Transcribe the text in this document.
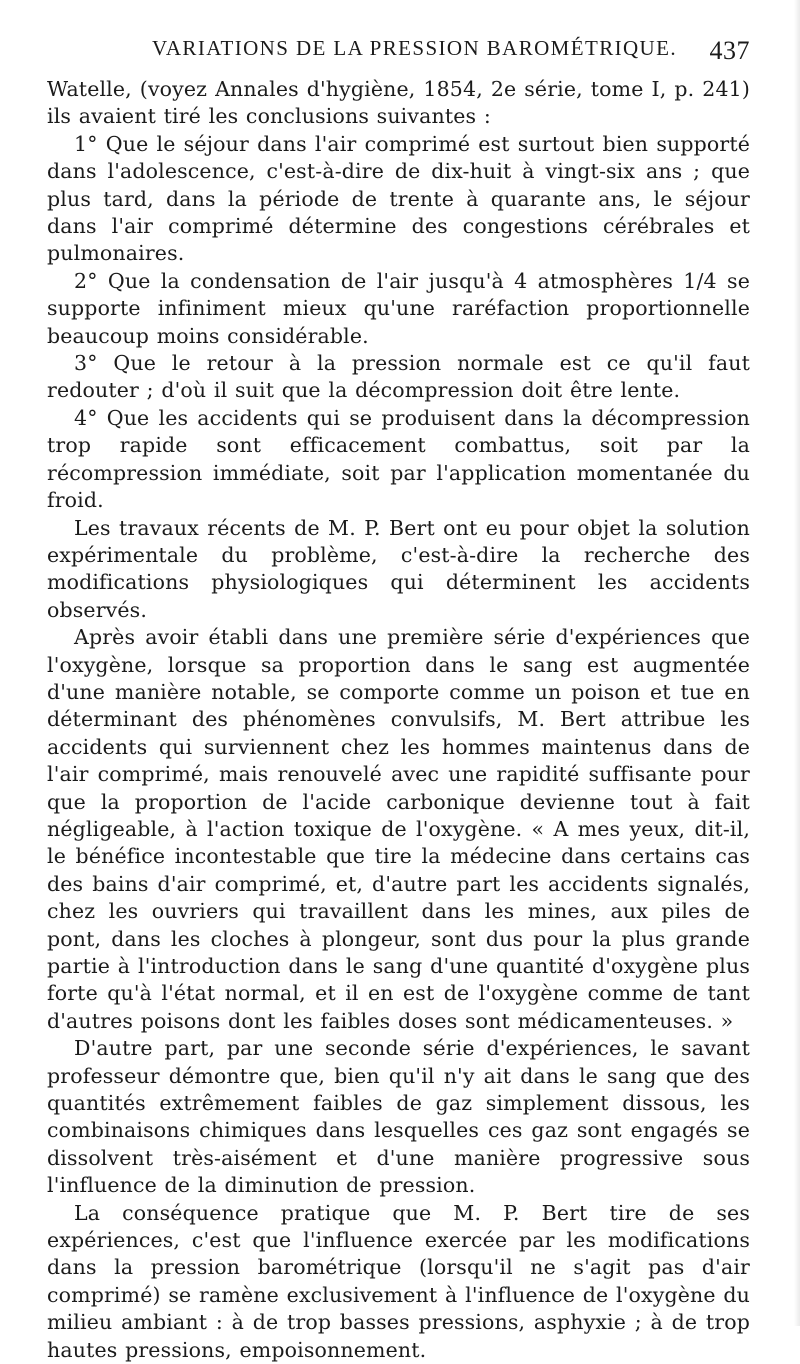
VARIATIONS DE LA PRESSION BAROMÉTRIQUE. 437

Watelle, (voyez Annales d'hygiène, 1854, 2e série, tome I, p. 241) ils avaient tiré les conclusions suivantes :

1° Que le séjour dans l'air comprimé est surtout bien supporté dans l'adolescence, c'est-à-dire de dix-huit à vingt-six ans ; que plus tard, dans la période de trente à quarante ans, le séjour dans l'air comprimé détermine des congestions cérébrales et pulmonaires.

2° Que la condensation de l'air jusqu'à 4 atmosphères 1/4 se supporte infiniment mieux qu'une raréfaction proportionnelle beaucoup moins considérable.

3° Que le retour à la pression normale est ce qu'il faut redouter ; d'où il suit que la décompression doit être lente.

4° Que les accidents qui se produisent dans la décompression trop rapide sont efficacement combattus, soit par la récompression immédiate, soit par l'application momentanée du froid.

Les travaux récents de M. P. Bert ont eu pour objet la solution expérimentale du problème, c'est-à-dire la recherche des modifications physiologiques qui déterminent les accidents observés.

Après avoir établi dans une première série d'expériences que l'oxygène, lorsque sa proportion dans le sang est augmentée d'une manière notable, se comporte comme un poison et tue en déterminant des phénomènes convulsifs, M. Bert attribue les accidents qui surviennent chez les hommes maintenus dans de l'air comprimé, mais renouvelé avec une rapidité suffisante pour que la proportion de l'acide carbonique devienne tout à fait négligeable, à l'action toxique de l'oxygène. « A mes yeux, dit-il, le bénéfice incontestable que tire la médecine dans certains cas des bains d'air comprimé, et, d'autre part les accidents signalés, chez les ouvriers qui travaillent dans les mines, aux piles de pont, dans les cloches à plongeur, sont dus pour la plus grande partie à l'introduction dans le sang d'une quantité d'oxygène plus forte qu'à l'état normal, et il en est de l'oxygène comme de tant d'autres poisons dont les faibles doses sont médicamenteuses. »

D'autre part, par une seconde série d'expériences, le savant professeur démontre que, bien qu'il n'y ait dans le sang que des quantités extrêmement faibles de gaz simplement dissous, les combinaisons chimiques dans lesquelles ces gaz sont engagés se dissolvent très-aisément et d'une manière progressive sous l'influence de la diminution de pression.

La conséquence pratique que M. P. Bert tire de ses expériences, c'est que l'influence exercée par les modifications dans la pression barométrique (lorsqu'il ne s'agit pas d'air comprimé) se ramène exclusivement à l'influence de l'oxygène du milieu ambiant : à de trop basses pressions, asphyxie ; à de trop hautes pressions, empoisonnement.
